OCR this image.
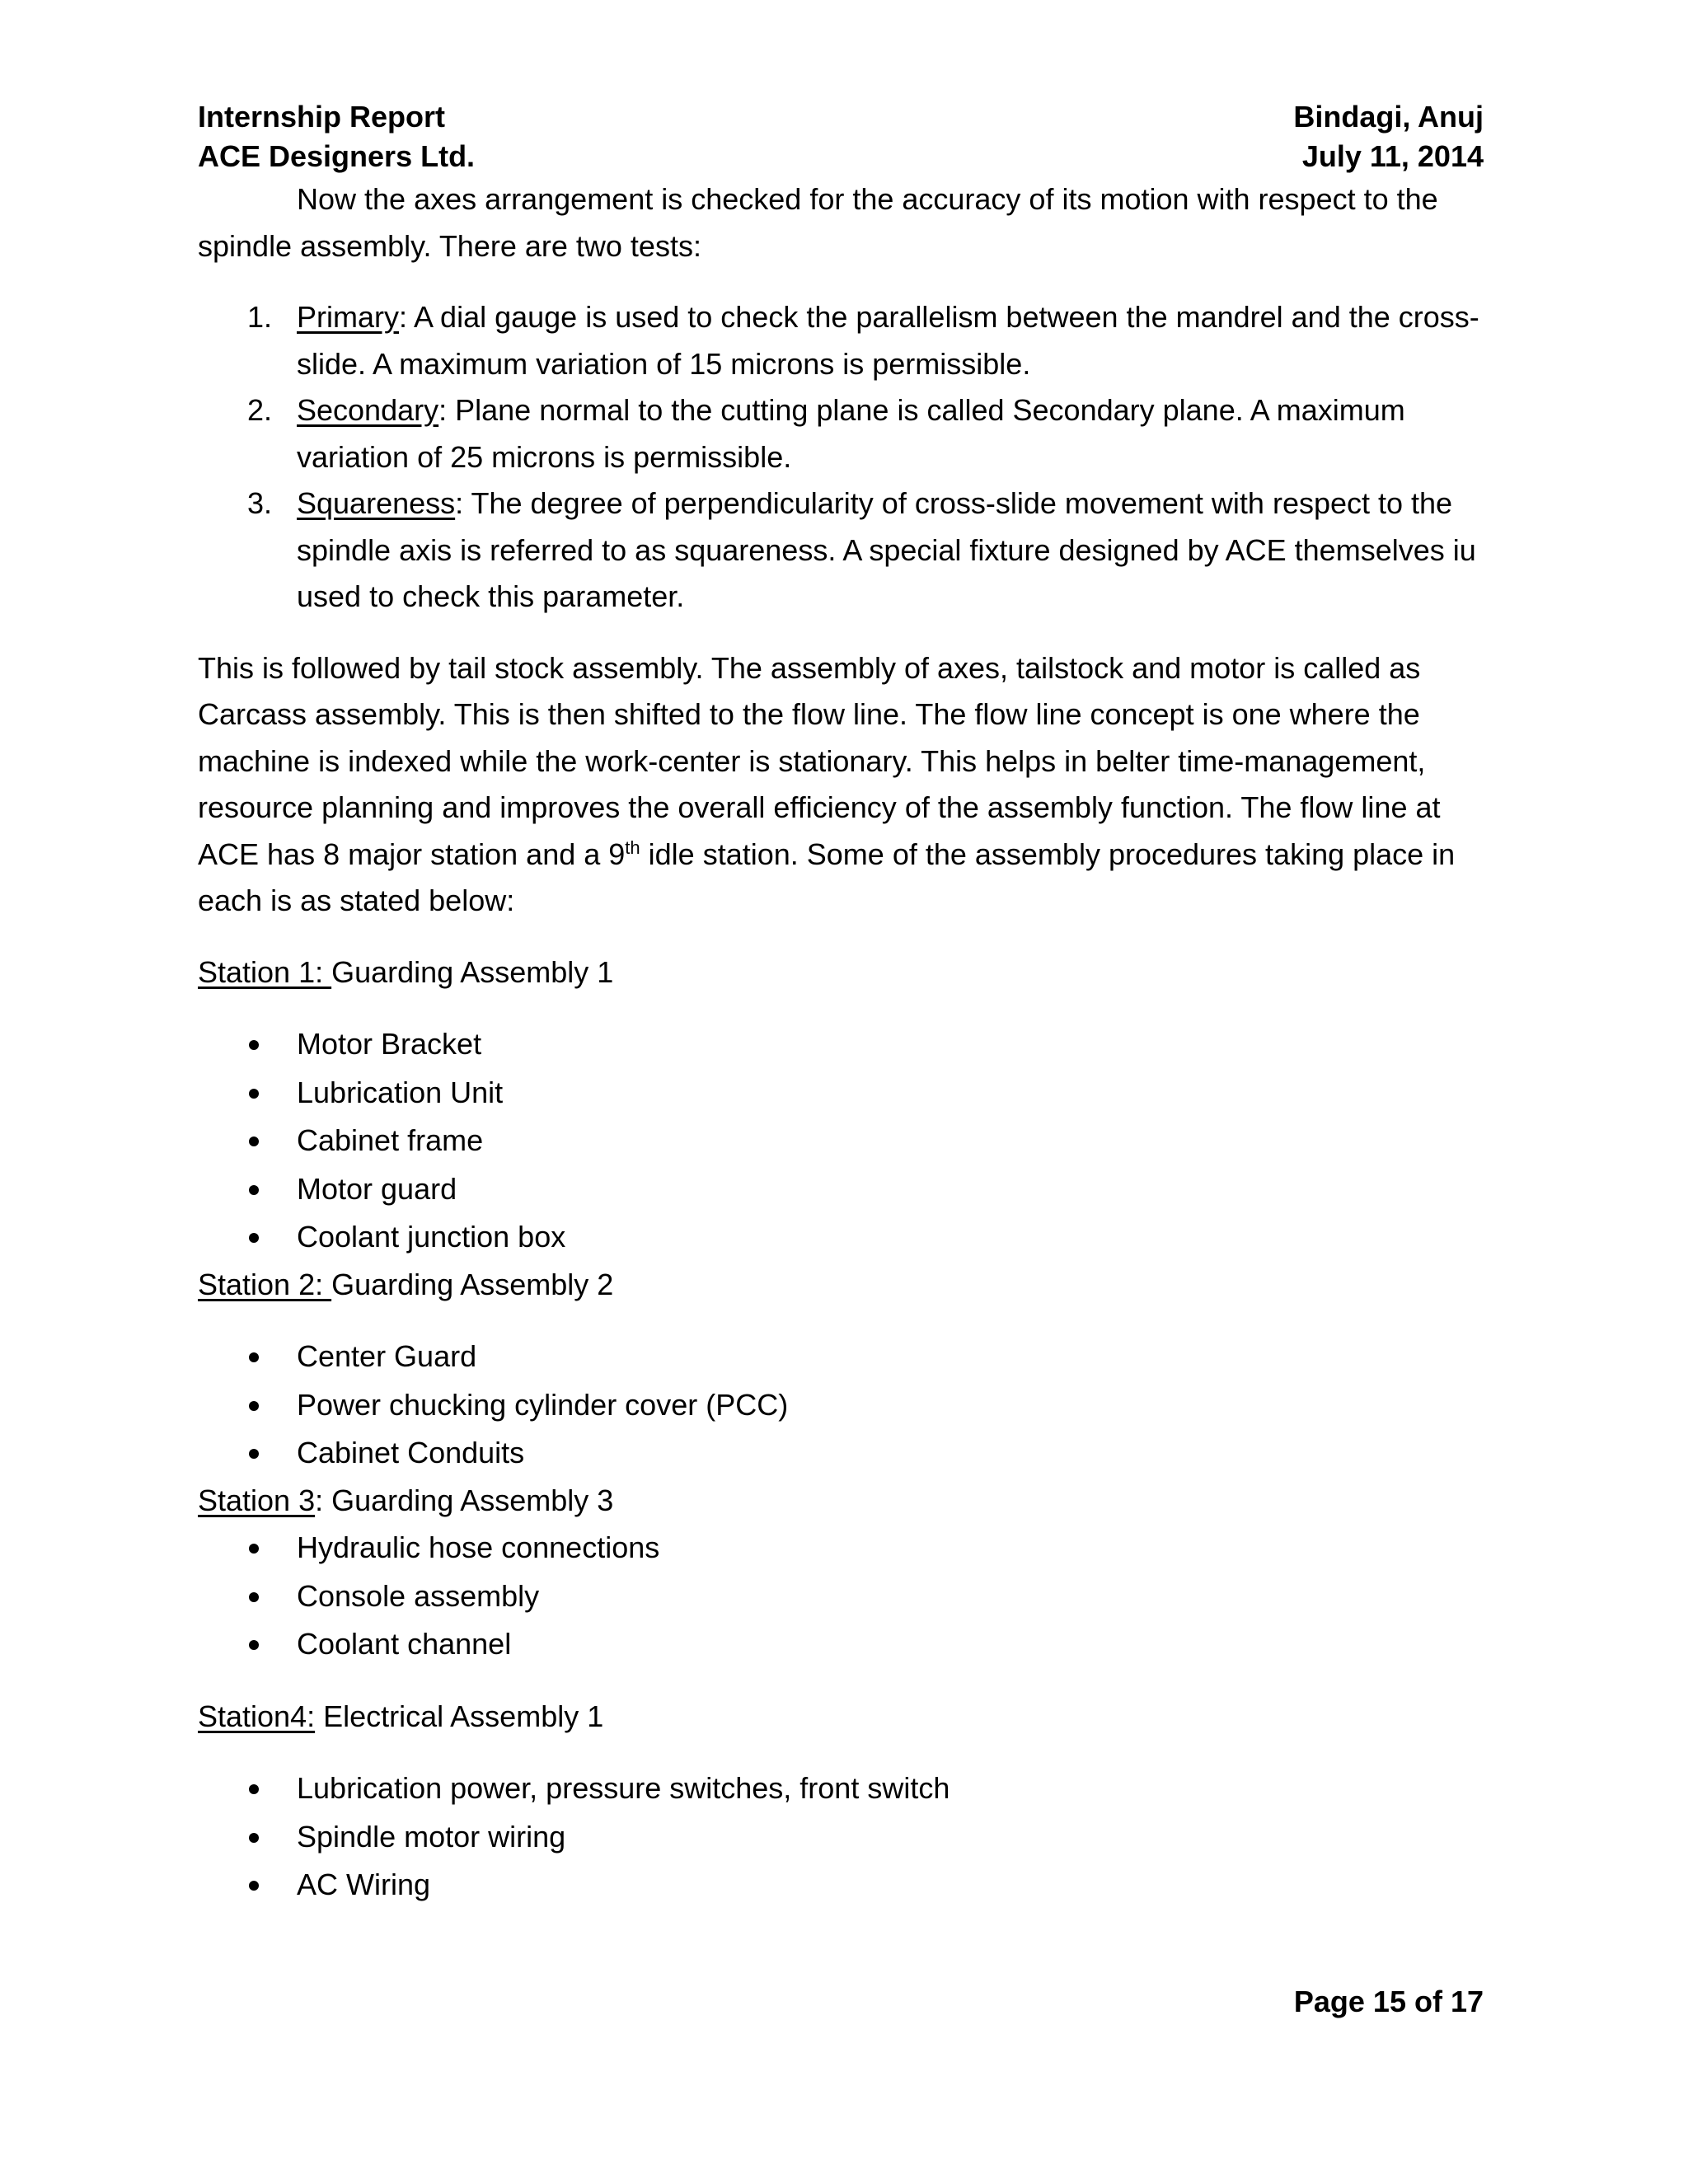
Internship Report	Bindagi, Anuj
ACE Designers Ltd.	July 11, 2014

Now the axes arrangement is checked for the accuracy of its motion with respect to the spindle assembly. There are two tests:

1. Primary: A dial gauge is used to check the parallelism between the mandrel and the cross-slide. A maximum variation of 15 microns is permissible.
2. Secondary: Plane normal to the cutting plane is called Secondary plane. A maximum variation of 25 microns is permissible.
3. Squareness: The degree of perpendicularity of cross-slide movement with respect to the spindle axis is referred to as squareness. A special fixture designed by ACE themselves iu used to check this parameter.

This is followed by tail stock assembly. The assembly of axes, tailstock and motor is called as Carcass assembly. This is then shifted to the flow line. The flow line concept is one where the machine is indexed while the work-center is stationary. This helps in belter time-management, resource planning and improves the overall efficiency of the assembly function. The flow line at ACE has 8 major station and a 9th idle station. Some of the assembly procedures taking place in each is as stated below:

Station 1: Guarding Assembly 1

Motor Bracket
Lubrication Unit
Cabinet frame
Motor guard
Coolant junction box

Station 2: Guarding Assembly 2

Center Guard
Power chucking cylinder cover (PCC)
Cabinet Conduits

Station 3: Guarding Assembly 3

Hydraulic hose connections
Console assembly
Coolant channel

Station4: Electrical Assembly 1

Lubrication power, pressure switches, front switch
Spindle motor wiring
AC Wiring
Page 15 of 17
